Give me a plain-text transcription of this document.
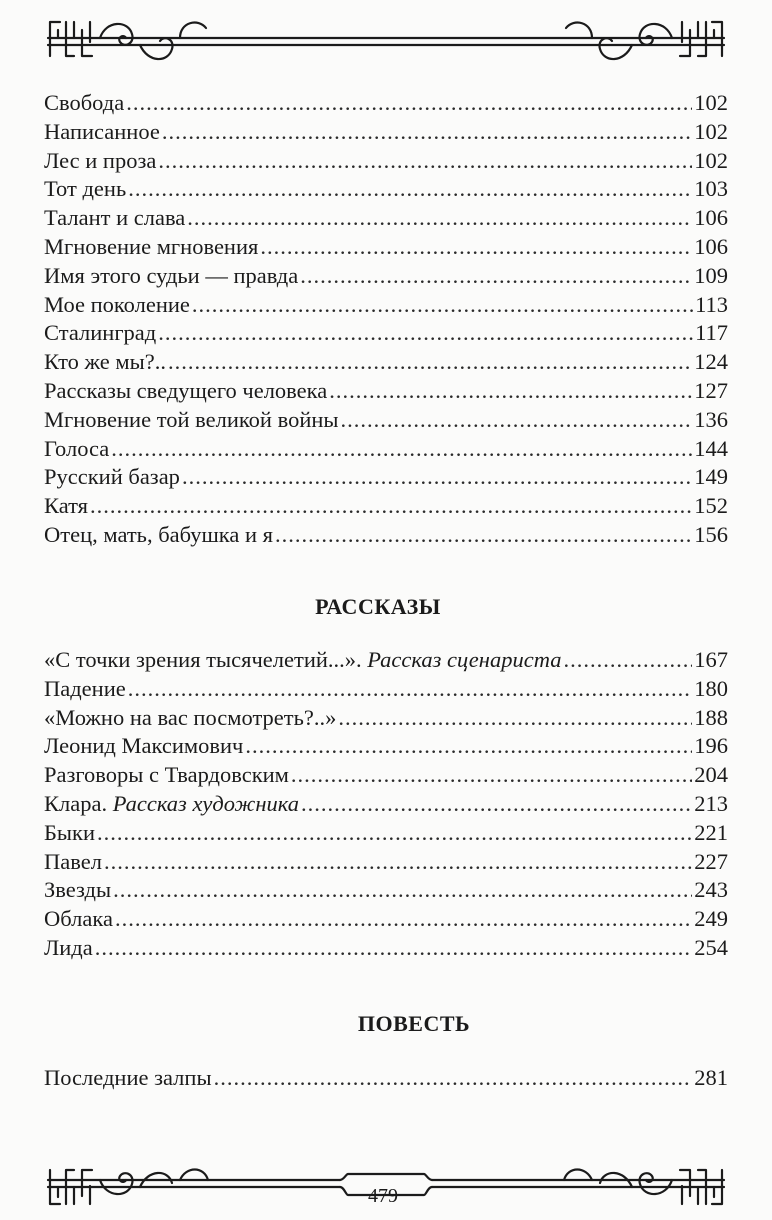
Свобода .....	102
Написанное .....	102
Лес и проза .....	102
Тот день .....	103
Талант и слава .....	106
Мгновение мгновения .....	106
Имя этого судьи — правда .....	109
Мое поколение .....	113
Сталинград .....	117
Кто же мы?.. .....	124
Рассказы сведущего человека .....	127
Мгновение той великой войны .....	136
Голоса .....	144
Русский базар .....	149
Катя .....	152
Отец, мать, бабушка и я .....	156
РАССКАЗЫ
«С точки зрения тысячелетий...». Рассказ сценариста .....	167
Падение .....	180
«Можно на вас посмотреть?..» .....	188
Леонид Максимович .....	196
Разговоры с Твардовским .....	204
Клара. Рассказ художника .....	213
Быки .....	221
Павел .....	227
Звезды .....	243
Облака .....	249
Лида .....	254
ПОВЕСТЬ
Последние залпы .....	281
479
